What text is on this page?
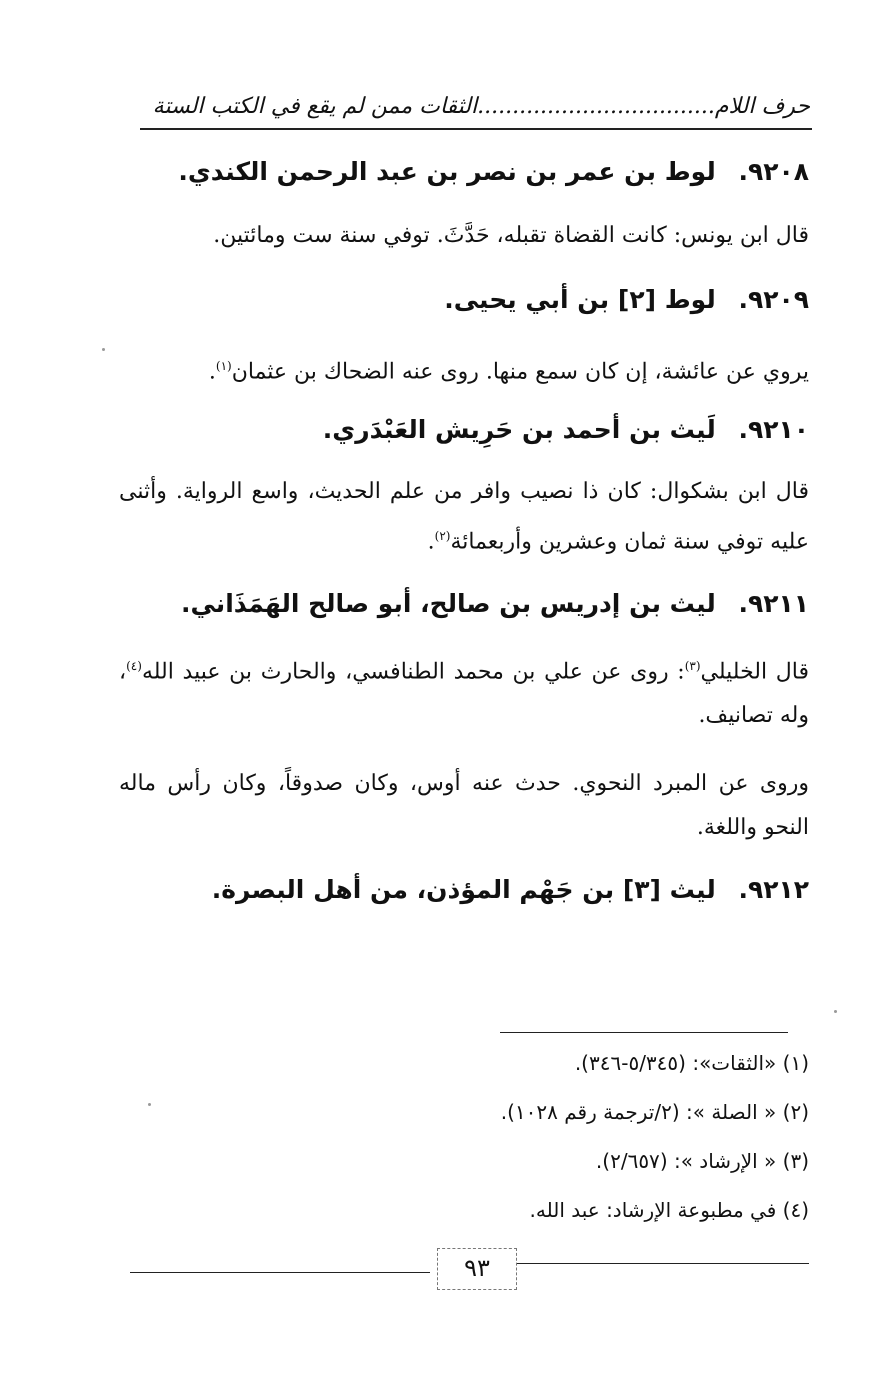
حرف اللام..................................الثقات ممن لم يقع في الكتب الستة
٩٢٠٨. لوط بن عمر بن نصر بن عبد الرحمن الكندي.
قال ابن يونس: كانت القضاة تقبله، حَدَّثَ. توفي سنة ست ومائتين.
٩٢٠٩. لوط [٢] بن أبي يحيى.
يروي عن عائشة، إن كان سمع منها. روى عنه الضحاك بن عثمان$^{(١)}$.
٩٢١٠. لَيث بن أحمد بن حَرِيش العَبْدَري.
قال ابن بشكوال: كان ذا نصيب وافر من علم الحديث، واسع الرواية. وأثنى عليه توفي سنة ثمان وعشرين وأربعمائة$^{(٢)}$.
٩٢١١. ليث بن إدريس بن صالح، أبو صالح الهَمَذَاني.
قال الخليلي$^{(٣)}$: روى عن علي بن محمد الطنافسي، والحارث بن عبيد الله$^{(٤)}$، وله تصانيف.
وروى عن المبرد النحوي. حدث عنه أوس، وكان صدوقاً، وكان رأس ماله النحو واللغة.
٩٢١٢. ليث [٣] بن جَهْم المؤذن، من أهل البصرة.
(١) «الثقات»: (٥/٣٤٥-٣٤٦).
(٢) « الصلة »: (٢/ترجمة رقم ١٠٢٨).
(٣) « الإرشاد »: (٢/٦٥٧).
(٤) في مطبوعة الإرشاد: عبد الله.
٩٣
